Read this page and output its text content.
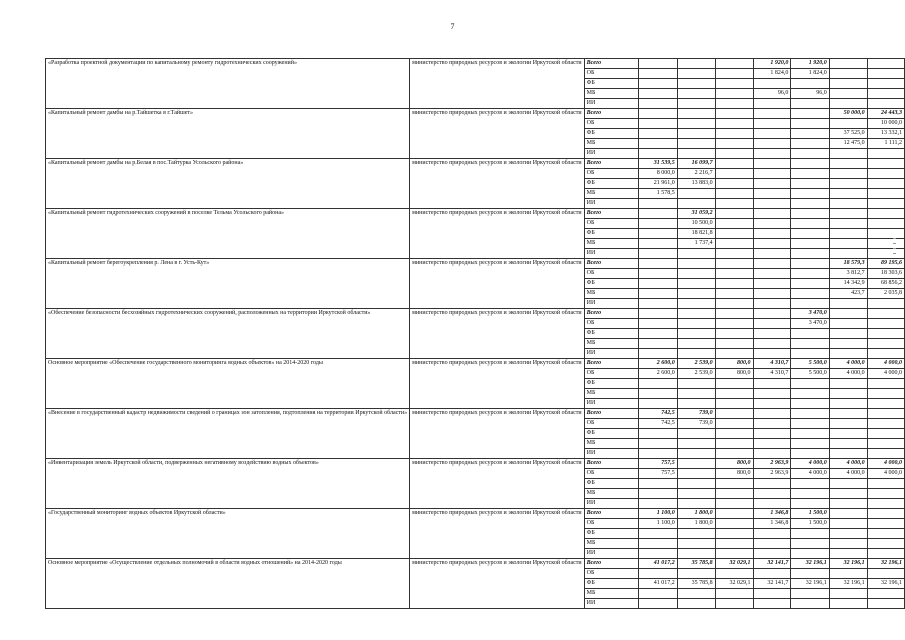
7
«Разработка проектной документации по капитальному ремонту гидротехнических сооружений»	министерство природных ресурсов и экологии Иркутской области	Всего				1 920,0	1 920,0		
		ОБ				1 824,0	1 824,0		
		ФБ							
		МБ				96,0	96,0		
		ИИ							
«Капитальный ремонт дамбы на р.Тайшетка в г.Тайшет»	министерство природных ресурсов и экологии Иркутской области	Всего						50 000,0	24 443,3
		ОБ							10 000,0
		ФБ						37 525,0	13 332,1
		МБ						12 475,0	1 111,2
		ИИ							
«Капитальный ремонт дамбы на р.Белая в пос.Тайтурка Усольского района»	министерство природных ресурсов и экологии Иркутской области	Всего	31 539,5	16 099,7					
		ОБ	8 000,0	2 216,7					
		ФБ	21 961,0	13 883,0					
		МБ	1 578,5						
		ИИ							
«Капитальный ремонт гидротехнических сооружений в поселке Тельма Усольского района»	министерство природных ресурсов и экологии Иркутской области	Всего		31 059,2					
		ОБ		10 500,0					
		ФБ		18 821,8					
		МБ		1 737,4					
		ИИ							
«Капитальный ремонт берегоукрепления р. Лена в г. Усть-Кут»	министерство природных ресурсов и экологии Иркутской области	Всего						18 579,3	89 195,6
		ОБ						3 812,7	18 303,6
		ФБ						14 342,9	68 856,2
		МБ						423,7	2 035,8
		ИИ							
«Обеспечение безопасности бесхозяйных гидротехнических сооружений, расположенных на территории Иркутской области»	министерство природных ресурсов и экологии Иркутской области	Всего					3 470,0		
		ОБ					3 470,0		
		ФБ							
		МБ							
		ИИ							
Основное мероприятие «Обеспечение государственного мониторинга водных объектов» на 2014-2020 годы	министерство природных ресурсов и экологии Иркутской области	Всего	2 600,0	2 539,0	800,0	4 310,7	5 500,0	4 000,0	4 000,0
		ОБ	2 600,0	2 539,0	800,0	4 310,7	5 500,0	4 000,0	4 000,0
		ФБ							
		МБ							
		ИИ							
«Внесение в государственный кадастр недвижимости сведений о границах зон затопления, подтопления на территории Иркутской области»	министерство природных ресурсов и экологии Иркутской области	Всего	742,5	739,0					
		ОБ	742,5	739,0					
		ФБ							
		МБ							
		ИИ							
«Инвентаризация земель Иркутской области, подверженных негативному воздействию водных объектов»	министерство природных ресурсов и экологии Иркутской области	Всего	757,5		800,0	2 963,9	4 000,0	4 000,0	4 000,0
		ОБ	757,5		800,0	2 963,9	4 000,0	4 000,0	4 000,0
		ФБ							
		МБ							
		ИИ							
«Государственный мониторинг водных объектов Иркутской области»	министерство природных ресурсов и экологии Иркутской области	Всего	1 100,0	1 800,0		1 346,8	1 500,0		
		ОБ	1 100,0	1 800,0		1 346,8	1 500,0		
		ФБ							
		МБ							
		ИИ							
Основное мероприятие «Осуществление отдельных полномочий в области водных отношений» на 2014-2020 годы	министерство природных ресурсов и экологии Иркутской области	Всего	41 017,2	35 785,8	32 029,1	32 141,7	32 196,1	32 196,1	32 196,1
		ОБ							
		ФБ	41 017,2	35 785,8	32 029,1	32 141,7	32 196,1	32 196,1	32 196,1
		МБ							
		ИИ							
